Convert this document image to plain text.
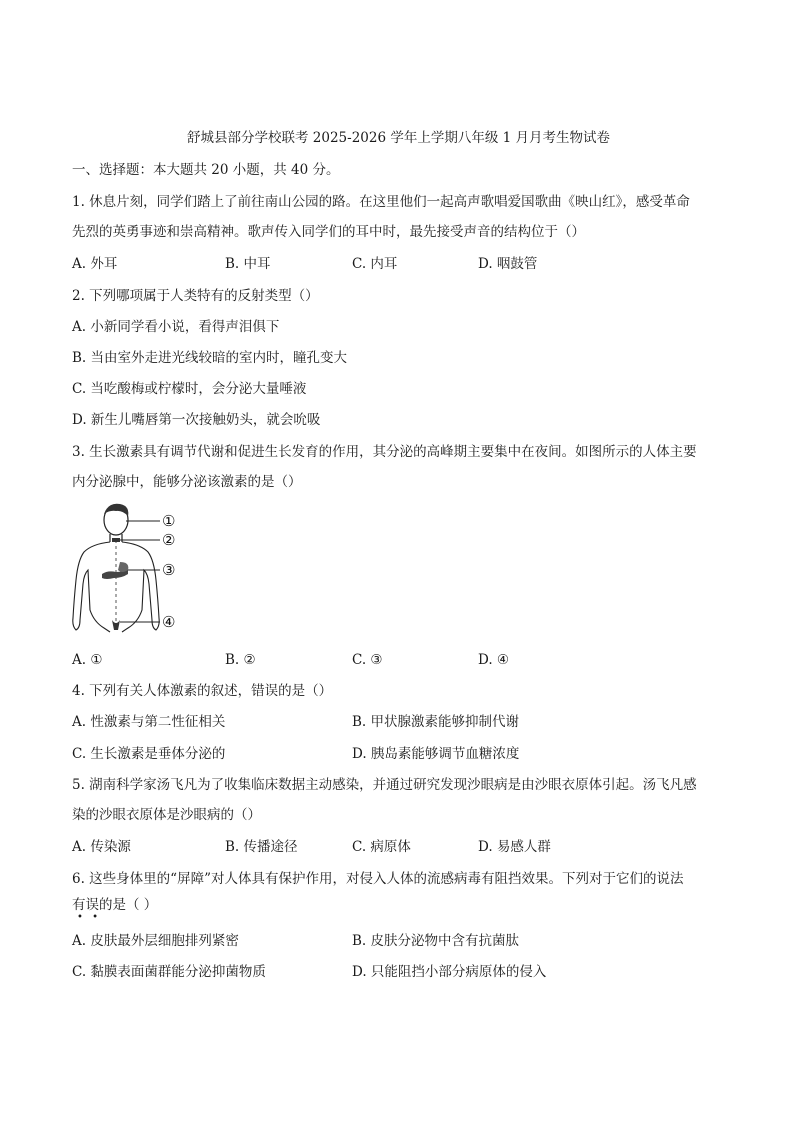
舒城县部分学校联考 2025-2026 学年上学期八年级 1 月月考生物试卷
一、选择题：本大题共 20 小题，共 40 分。
1. 休息片刻，同学们踏上了前往南山公园的路。在这里他们一起高声歌唱爱国歌曲《映山红》，感受革命
先烈的英勇事迹和崇高精神。歌声传入同学们的耳中时，最先接受声音的结构位于（）
A. 外耳	B. 中耳	C. 内耳	D. 咽鼓管
2. 下列哪项属于人类特有的反射类型（）
A. 小新同学看小说，看得声泪俱下
B. 当由室外走进光线较暗的室内时，瞳孔变大
C. 当吃酸梅或柠檬时，会分泌大量唾液
D. 新生儿嘴唇第一次接触奶头，就会吮吸
3. 生长激素具有调节代谢和促进生长发育的作用，其分泌的高峰期主要集中在夜间。如图所示的人体主要
内分泌腺中，能够分泌该激素的是（）
①
②
③
④
A. ①	B. ②	C. ③	D. ④
4. 下列有关人体激素的叙述，错误的是（）
A. 性激素与第二性征相关	B. 甲状腺激素能够抑制代谢
C. 生长激素是垂体分泌的	D. 胰岛素能够调节血糖浓度
5. 湖南科学家汤飞凡为了收集临床数据主动感染，并通过研究发现沙眼病是由沙眼衣原体引起。汤飞凡感
染的沙眼衣原体是沙眼病的（）
A. 传染源	B. 传播途径	C. 病原体	D. 易感人群
6. 这些身体里的“屏障”对人体具有保护作用，对侵入人体的流感病毒有阻挡效果。下列对于它们的说法
有误的是（ ）
• •
A. 皮肤最外层细胞排列紧密	B. 皮肤分泌物中含有抗菌肽
C. 黏膜表面菌群能分泌抑菌物质	D. 只能阻挡小部分病原体的侵入
